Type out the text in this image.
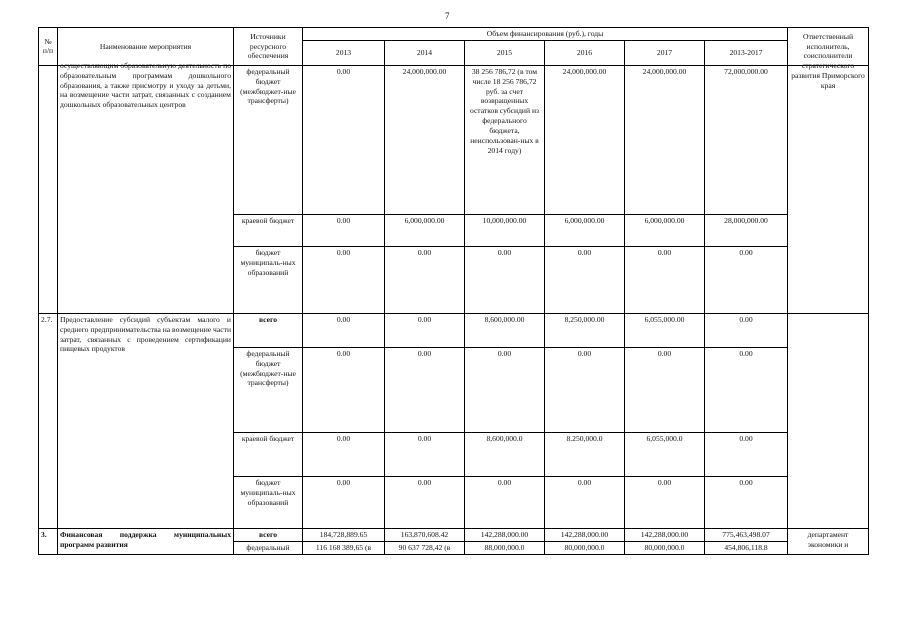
7
№ п/п	Наименование мероприятия	Источники ресурсного обеспечения	Объем финансирования (руб.), годы						Ответственный исполнитель, соисполнители
			2013	2014	2015	2016	2017	2013-2017	

	осуществляющим образовательную деятельность по образовательным программам дошкольного образования, а также присмотру и уходу за детьми, на возмещение части затрат, связанных с созданием дошкольных образовательных центров	федеральный бюджет (межбюджет-ные трансферты)	0.00	24,000,000.00	38 256 786,72 (в том числе 18 256 786,72 руб. за счет возвращенных остатков субсидий из федерального бюджета, неиспользован-ных в 2014 году)	24,000,000.00	24,000,000.00	72,000,000.00	стратегического развития Приморского края

		краевой бюджет	0.00	6,000,000.00	10,000,000.00	6,000,000.00	6,000,000.00	28,000,000.00	
		бюджет муниципаль-ных образований	0.00	0.00	0.00	0.00	0.00	0.00	
2.7.	Предоставление субсидий субъектам малого и среднего предпринимательства на возмещение части затрат, связанных с проведением сертификации пищевых продуктов	всего	0.00	0.00	8,600,000.00	8,250,000.00	6,055,000.00	0.00	
		федеральный бюджет (межбюджет-ные трансферты)	0.00	0.00	0.00	0.00	0.00	0.00	
		краевой бюджет	0.00	0.00	8,600,000.0	8.250,000.0	6,055,000.0	0.00	
		бюджет муниципаль-ных образований	0.00	0.00	0.00	0.00	0.00	0.00	
3.	Финансовая поддержка муниципальных программ развития	всего	184,728,889.65	163,870,608.42	142,288,000.00	142,288,000.00	142,288,000.00	775,463,498.07	департамент экономики и
		федеральный	116 168 389,65 (в	90 637 728,42 (в	88,000,000.0	80,000,000.0	80,000,000.0	454,806,118.8	
